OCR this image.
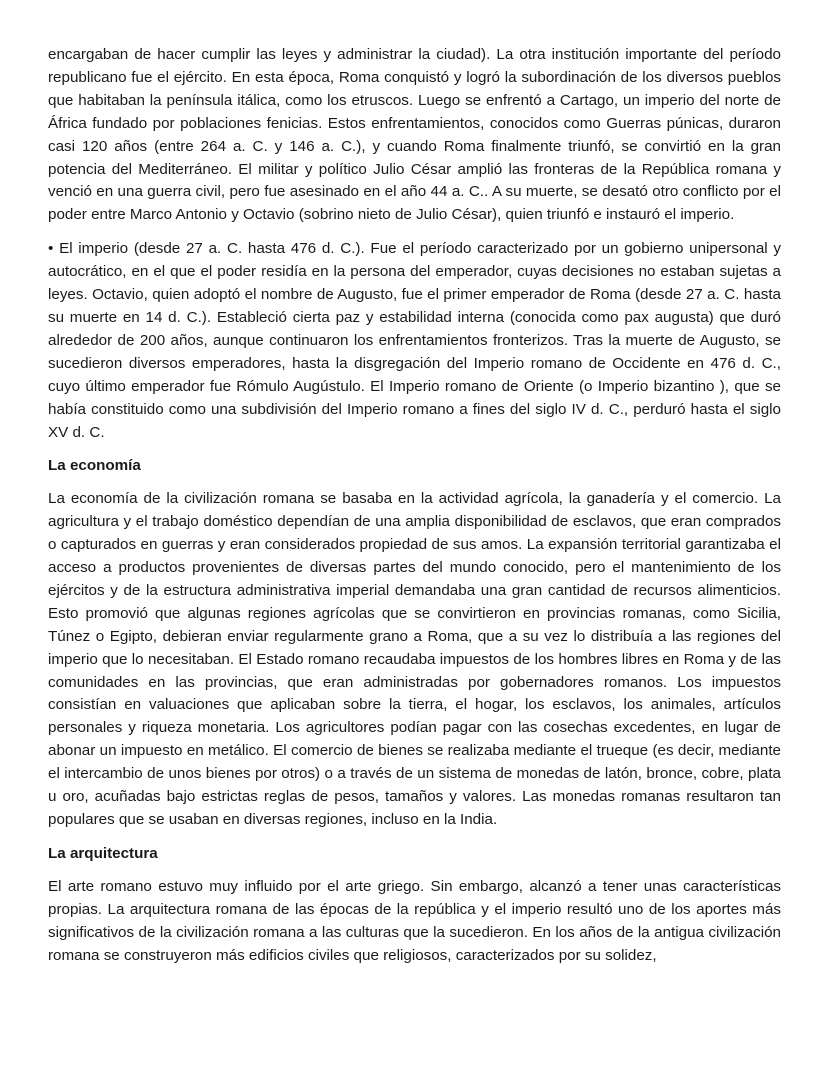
encargaban de hacer cumplir las leyes y administrar la ciudad). La otra institución importante del período republicano fue el ejército. En esta época, Roma conquistó y logró la subordinación de los diversos pueblos que habitaban la península itálica, como los etruscos. Luego se enfrentó a Cartago, un imperio del norte de África fundado por poblaciones fenicias. Estos enfrentamientos, conocidos como Guerras púnicas, duraron casi 120 años (entre 264 a. C. y 146 a. C.), y cuando Roma finalmente triunfó, se convirtió en la gran potencia del Mediterráneo. El militar y político Julio César amplió las fronteras de la República romana y venció en una guerra civil, pero fue asesinado en el año 44 a. C.. A su muerte, se desató otro conflicto por el poder entre Marco Antonio y Octavio (sobrino nieto de Julio César), quien triunfó e instauró el imperio.

• El imperio (desde 27 a. C. hasta 476 d. C.). Fue el período caracterizado por un gobierno unipersonal y autocrático, en el que el poder residía en la persona del emperador, cuyas decisiones no estaban sujetas a leyes. Octavio, quien adoptó el nombre de Augusto, fue el primer emperador de Roma (desde 27 a. C. hasta su muerte en 14 d. C.). Estableció cierta paz y estabilidad interna (conocida como pax augusta) que duró alrededor de 200 años, aunque continuaron los enfrentamientos fronterizos. Tras la muerte de Augusto, se sucedieron diversos emperadores, hasta la disgregación del Imperio romano de Occidente en 476 d. C., cuyo último emperador fue Rómulo Augústulo. El Imperio romano de Oriente (o Imperio bizantino ), que se había constituido como una subdivisión del Imperio romano a fines del siglo IV d. C., perduró hasta el siglo XV d. C.

La economía

La economía de la civilización romana se basaba en la actividad agrícola, la ganadería y el comercio. La agricultura y el trabajo doméstico dependían de una amplia disponibilidad de esclavos, que eran comprados o capturados en guerras y eran considerados propiedad de sus amos. La expansión territorial garantizaba el acceso a productos provenientes de diversas partes del mundo conocido, pero el mantenimiento de los ejércitos y de la estructura administrativa imperial demandaba una gran cantidad de recursos alimenticios. Esto promovió que algunas regiones agrícolas que se convirtieron en provincias romanas, como Sicilia, Túnez o Egipto, debieran enviar regularmente grano a Roma, que a su vez lo distribuía a las regiones del imperio que lo necesitaban. El Estado romano recaudaba impuestos de los hombres libres en Roma y de las comunidades en las provincias, que eran administradas por gobernadores romanos. Los impuestos consistían en valuaciones que aplicaban sobre la tierra, el hogar, los esclavos, los animales, artículos personales y riqueza monetaria. Los agricultores podían pagar con las cosechas excedentes, en lugar de abonar un impuesto en metálico. El comercio de bienes se realizaba mediante el trueque (es decir, mediante el intercambio de unos bienes por otros) o a través de un sistema de monedas de latón, bronce, cobre, plata u oro, acuñadas bajo estrictas reglas de pesos, tamaños y valores. Las monedas romanas resultaron tan populares que se usaban en diversas regiones, incluso en la India.

La arquitectura

El arte romano estuvo muy influido por el arte griego. Sin embargo, alcanzó a tener unas características propias. La arquitectura romana de las épocas de la república y el imperio resultó uno de los aportes más significativos de la civilización romana a las culturas que la sucedieron. En los años de la antigua civilización romana se construyeron más edificios civiles que religiosos, caracterizados por su solidez,
